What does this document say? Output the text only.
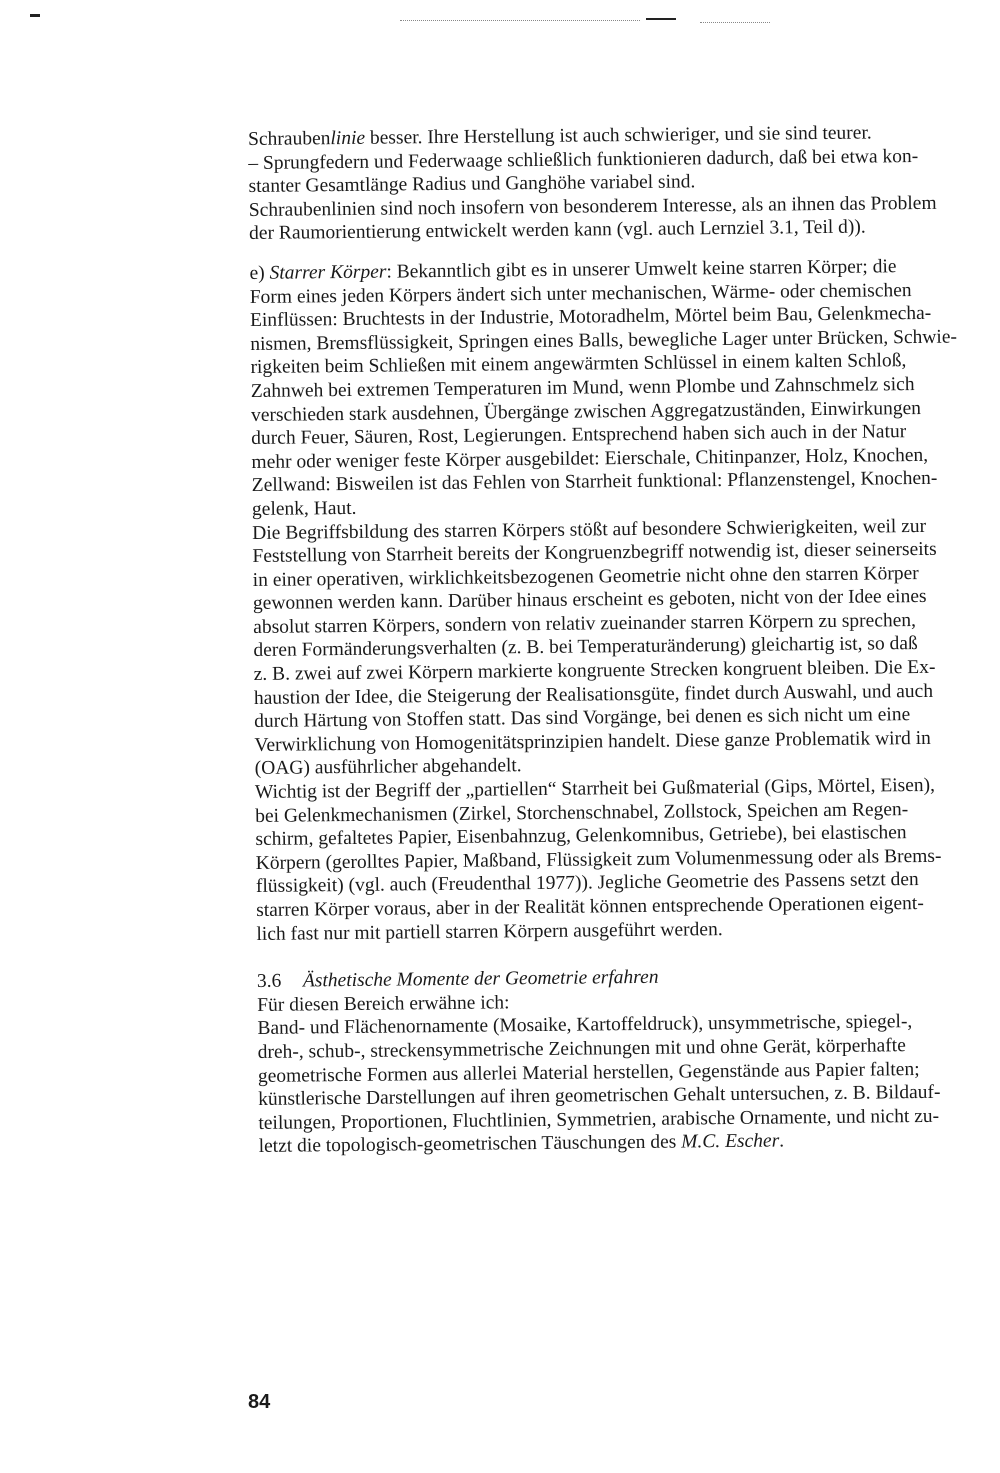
Schraubenlinie besser. Ihre Herstellung ist auch schwieriger, und sie sind teurer.
– Sprungfedern und Federwaage schließlich funktionieren dadurch, daß bei etwa kon-
stanter Gesamtlänge Radius und Ganghöhe variabel sind.
Schraubenlinien sind noch insofern von besonderem Interesse, als an ihnen das Problem
der Raumorientierung entwickelt werden kann (vgl. auch Lernziel 3.1, Teil d)).
e) Starrer Körper: Bekanntlich gibt es in unserer Umwelt keine starren Körper; die
Form eines jeden Körpers ändert sich unter mechanischen, Wärme- oder chemischen
Einflüssen: Bruchtests in der Industrie, Motoradhelm, Mörtel beim Bau, Gelenkmecha-
nismen, Bremsflüssigkeit, Springen eines Balls, bewegliche Lager unter Brücken, Schwie-
rigkeiten beim Schließen mit einem angewärmten Schlüssel in einem kalten Schloß,
Zahnweh bei extremen Temperaturen im Mund, wenn Plombe und Zahnschmelz sich
verschieden stark ausdehnen, Übergänge zwischen Aggregatzuständen, Einwirkungen
durch Feuer, Säuren, Rost, Legierungen. Entsprechend haben sich auch in der Natur
mehr oder weniger feste Körper ausgebildet: Eierschale, Chitinpanzer, Holz, Knochen,
Zellwand: Bisweilen ist das Fehlen von Starrheit funktional: Pflanzenstengel, Knochen-
gelenk, Haut.
Die Begriffsbildung des starren Körpers stößt auf besondere Schwierigkeiten, weil zur
Feststellung von Starrheit bereits der Kongruenzbegriff notwendig ist, dieser seinerseits
in einer operativen, wirklichkeitsbezogenen Geometrie nicht ohne den starren Körper
gewonnen werden kann. Darüber hinaus erscheint es geboten, nicht von der Idee eines
absolut starren Körpers, sondern von relativ zueinander starren Körpern zu sprechen,
deren Formänderungsverhalten (z. B. bei Temperaturänderung) gleichartig ist, so daß
z. B. zwei auf zwei Körpern markierte kongruente Strecken kongruent bleiben. Die Ex-
haustion der Idee, die Steigerung der Realisationsgüte, findet durch Auswahl, und auch
durch Härtung von Stoffen statt. Das sind Vorgänge, bei denen es sich nicht um eine
Verwirklichung von Homogenitätsprinzipien handelt. Diese ganze Problematik wird in
(OAG) ausführlicher abgehandelt.
Wichtig ist der Begriff der „partiellen“ Starrheit bei Gußmaterial (Gips, Mörtel, Eisen),
bei Gelenkmechanismen (Zirkel, Storchenschnabel, Zollstock, Speichen am Regen-
schirm, gefaltetes Papier, Eisenbahnzug, Gelenkomnibus, Getriebe), bei elastischen
Körpern (gerolltes Papier, Maßband, Flüssigkeit zum Volumenmessung oder als Brems-
flüssigkeit) (vgl. auch (Freudenthal 1977)). Jegliche Geometrie des Passens setzt den
starren Körper voraus, aber in der Realität können entsprechende Operationen eigent-
lich fast nur mit partiell starren Körpern ausgeführt werden.
3.6 Ästhetische Momente der Geometrie erfahren
Für diesen Bereich erwähne ich:
Band- und Flächenornamente (Mosaike, Kartoffeldruck), unsymmetrische, spiegel-,
dreh-, schub-, streckensymmetrische Zeichnungen mit und ohne Gerät, körperhafte
geometrische Formen aus allerlei Material herstellen, Gegenstände aus Papier falten;
künstlerische Darstellungen auf ihren geometrischen Gehalt untersuchen, z. B. Bildauf-
teilungen, Proportionen, Fluchtlinien, Symmetrien, arabische Ornamente, und nicht zu-
letzt die topologisch-geometrischen Täuschungen des M.C. Escher.
84
